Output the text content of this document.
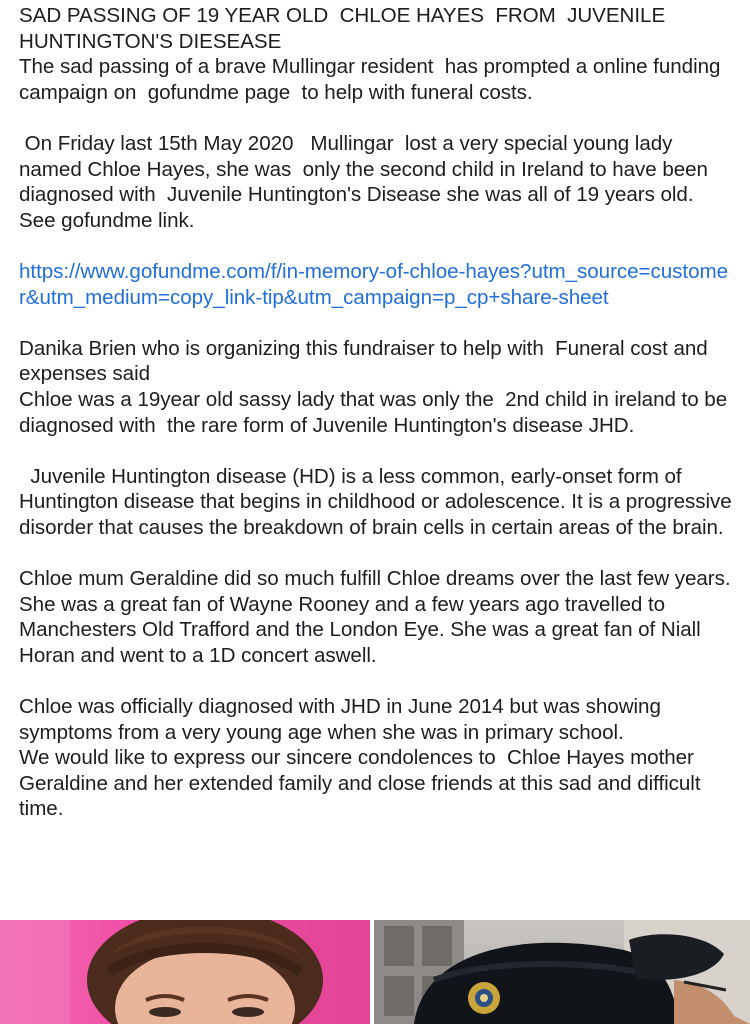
SAD PASSING OF 19 YEAR OLD  CHLOE HAYES  FROM  JUVENILE HUNTINGTON'S DIESEASE
The sad passing of a brave Mullingar resident  has prompted a online funding campaign on  gofundme page  to help with funeral costs.

On Friday last 15th May 2020   Mullingar  lost a very special young lady named Chloe Hayes, she was  only the second child in Ireland to have been diagnosed with  Juvenile Huntington's Disease she was all of 19 years old. See gofundme link.

https://www.gofundme.com/f/in-memory-of-chloe-hayes?utm_source=customer&utm_medium=copy_link-tip&utm_campaign=p_cp+share-sheet

Danika Brien who is organizing this fundraiser to help with  Funeral cost and expenses said
Chloe was a 19year old sassy lady that was only the  2nd child in ireland to be diagnosed with  the rare form of Juvenile Huntington's disease JHD.

Juvenile Huntington disease (HD) is a less common, early-onset form of Huntington disease that begins in childhood or adolescence. It is a progressive disorder that causes the breakdown of brain cells in certain areas of the brain.

Chloe mum Geraldine did so much fulfill Chloe dreams over the last few years. She was a great fan of Wayne Rooney and a few years ago travelled to Manchesters Old Trafford and the London Eye. She was a great fan of Niall Horan and went to a 1D concert aswell.

Chloe was officially diagnosed with JHD in June 2014 but was showing symptoms from a very young age when she was in primary school.
We would like to express our sincere condolences to  Chloe Hayes mother Geraldine and her extended family and close friends at this sad and difficult time.
